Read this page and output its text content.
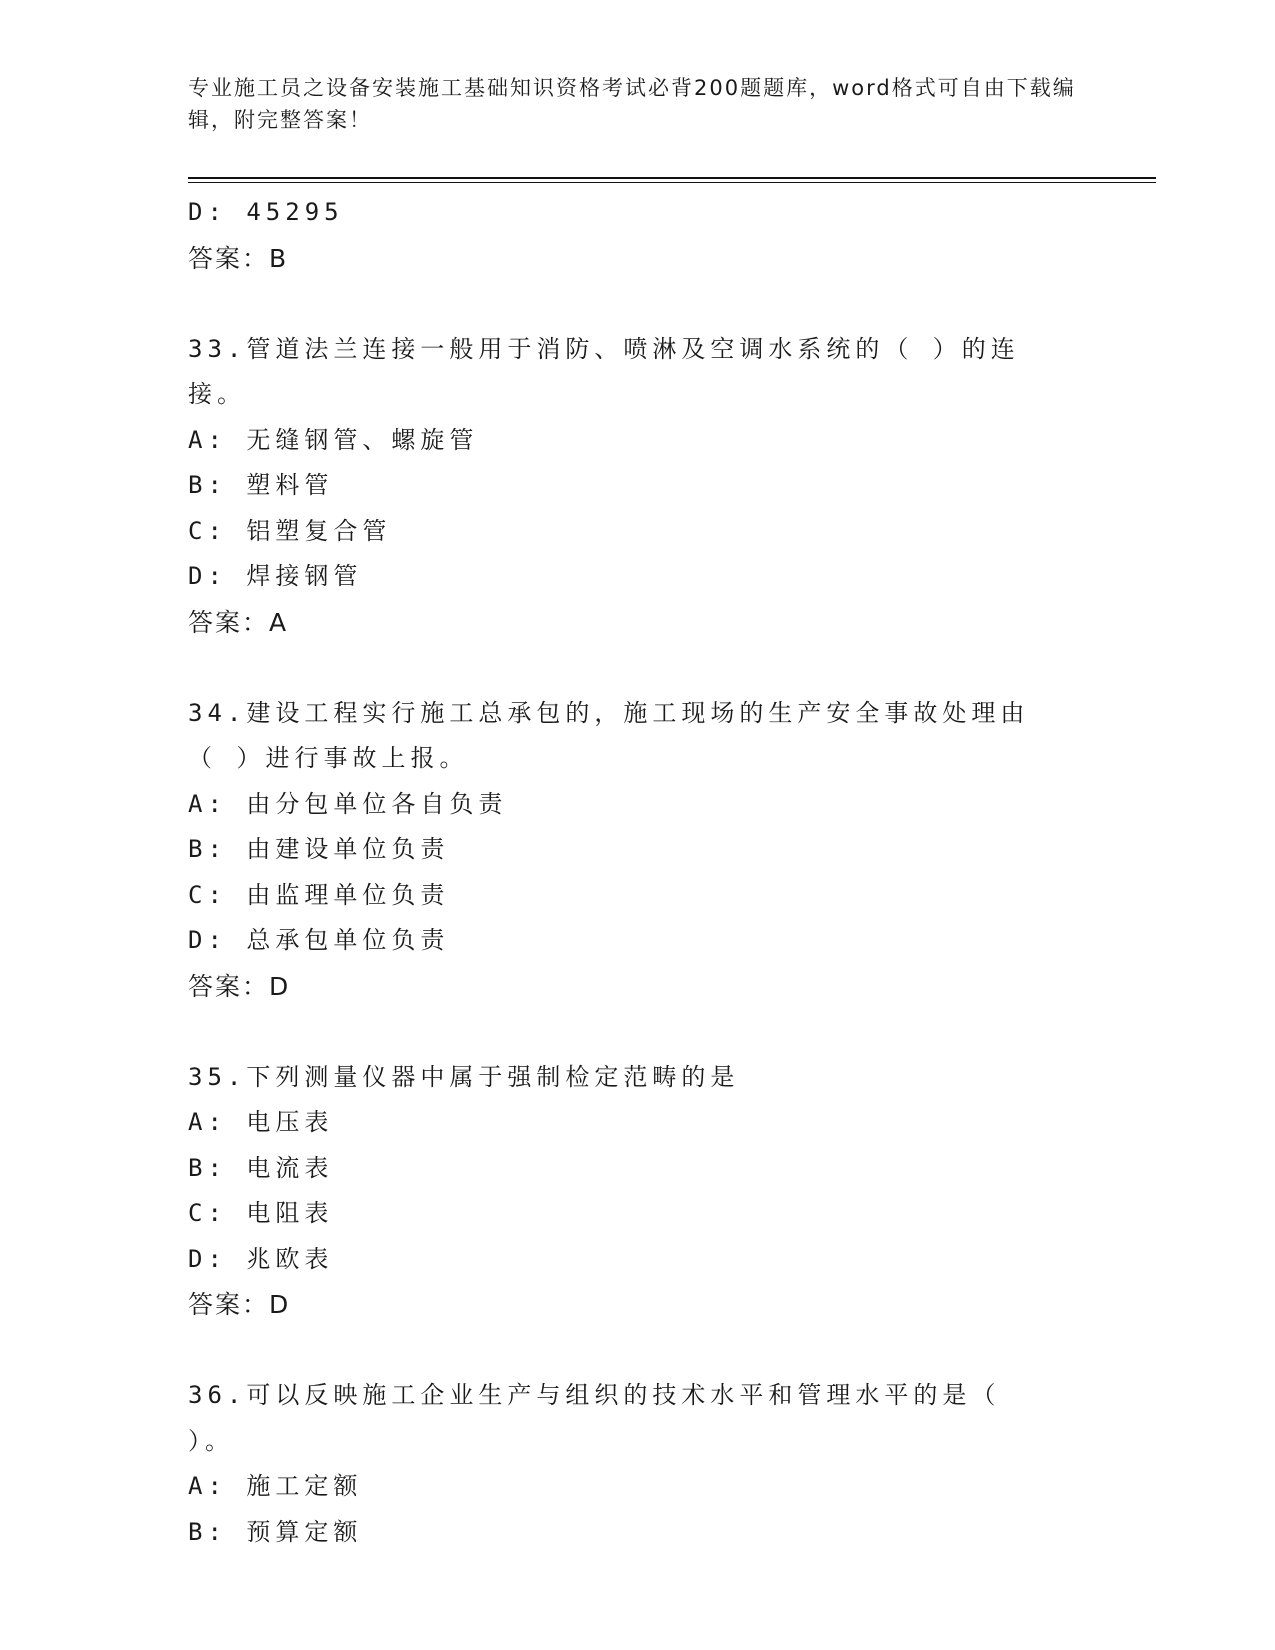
专业施工员之设备安装施工基础知识资格考试必背200题题库，word格式可自由下载编辑，附完整答案！
D: 45295
答案：B
33.管道法兰连接一般用于消防、喷淋及空调水系统的（ ）的连接。
A: 无缝钢管、螺旋管
B: 塑料管
C: 铝塑复合管
D: 焊接钢管
答案：A
34.建设工程实行施工总承包的，施工现场的生产安全事故处理由（ ）进行事故上报。
A: 由分包单位各自负责
B: 由建设单位负责
C: 由监理单位负责
D: 总承包单位负责
答案：D
35.下列测量仪器中属于强制检定范畴的是
A: 电压表
B: 电流表
C: 电阻表
D: 兆欧表
答案：D
36.可以反映施工企业生产与组织的技术水平和管理水平的是（ ）。
A: 施工定额
B: 预算定额
